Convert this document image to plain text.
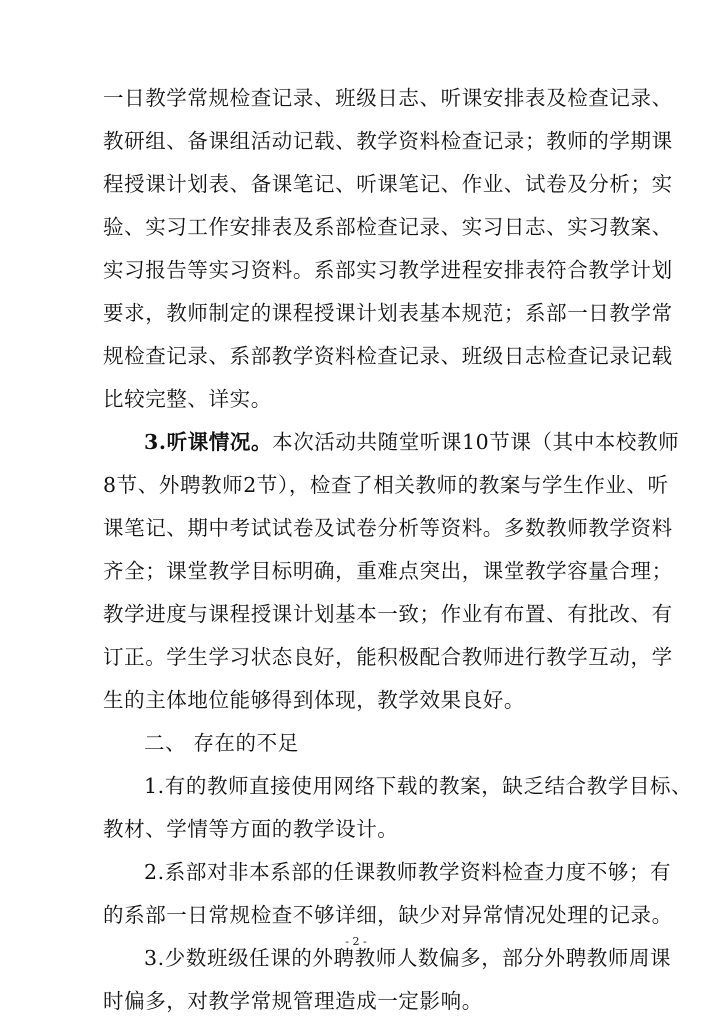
一日教学常规检查记录、班级日志、听课安排表及检查记录、
教研组、备课组活动记载、教学资料检查记录；教师的学期课
程授课计划表、备课笔记、听课笔记、作业、试卷及分析；实
验、实习工作安排表及系部检查记录、实习日志、实习教案、
实习报告等实习资料。系部实习教学进程安排表符合教学计划
要求，教师制定的课程授课计划表基本规范；系部一日教学常
规检查记录、系部教学资料检查记录、班级日志检查记录记载
比较完整、详实。
3.听课情况。本次活动共随堂听课10节课（其中本校教师
8节、外聘教师2节），检查了相关教师的教案与学生作业、听
课笔记、期中考试试卷及试卷分析等资料。多数教师教学资料
齐全；课堂教学目标明确，重难点突出，课堂教学容量合理；
教学进度与课程授课计划基本一致；作业有布置、有批改、有
订正。学生学习状态良好，能积极配合教师进行教学互动，学
生的主体地位能够得到体现，教学效果良好。
二、 存在的不足
1.有的教师直接使用网络下载的教案，缺乏结合教学目标、
教材、学情等方面的教学设计。
2.系部对非本系部的任课教师教学资料检查力度不够；有
的系部一日常规检查不够详细，缺少对异常情况处理的记录。
3.少数班级任课的外聘教师人数偏多，部分外聘教师周课
时偏多，对教学常规管理造成一定影响。
- 2 -
